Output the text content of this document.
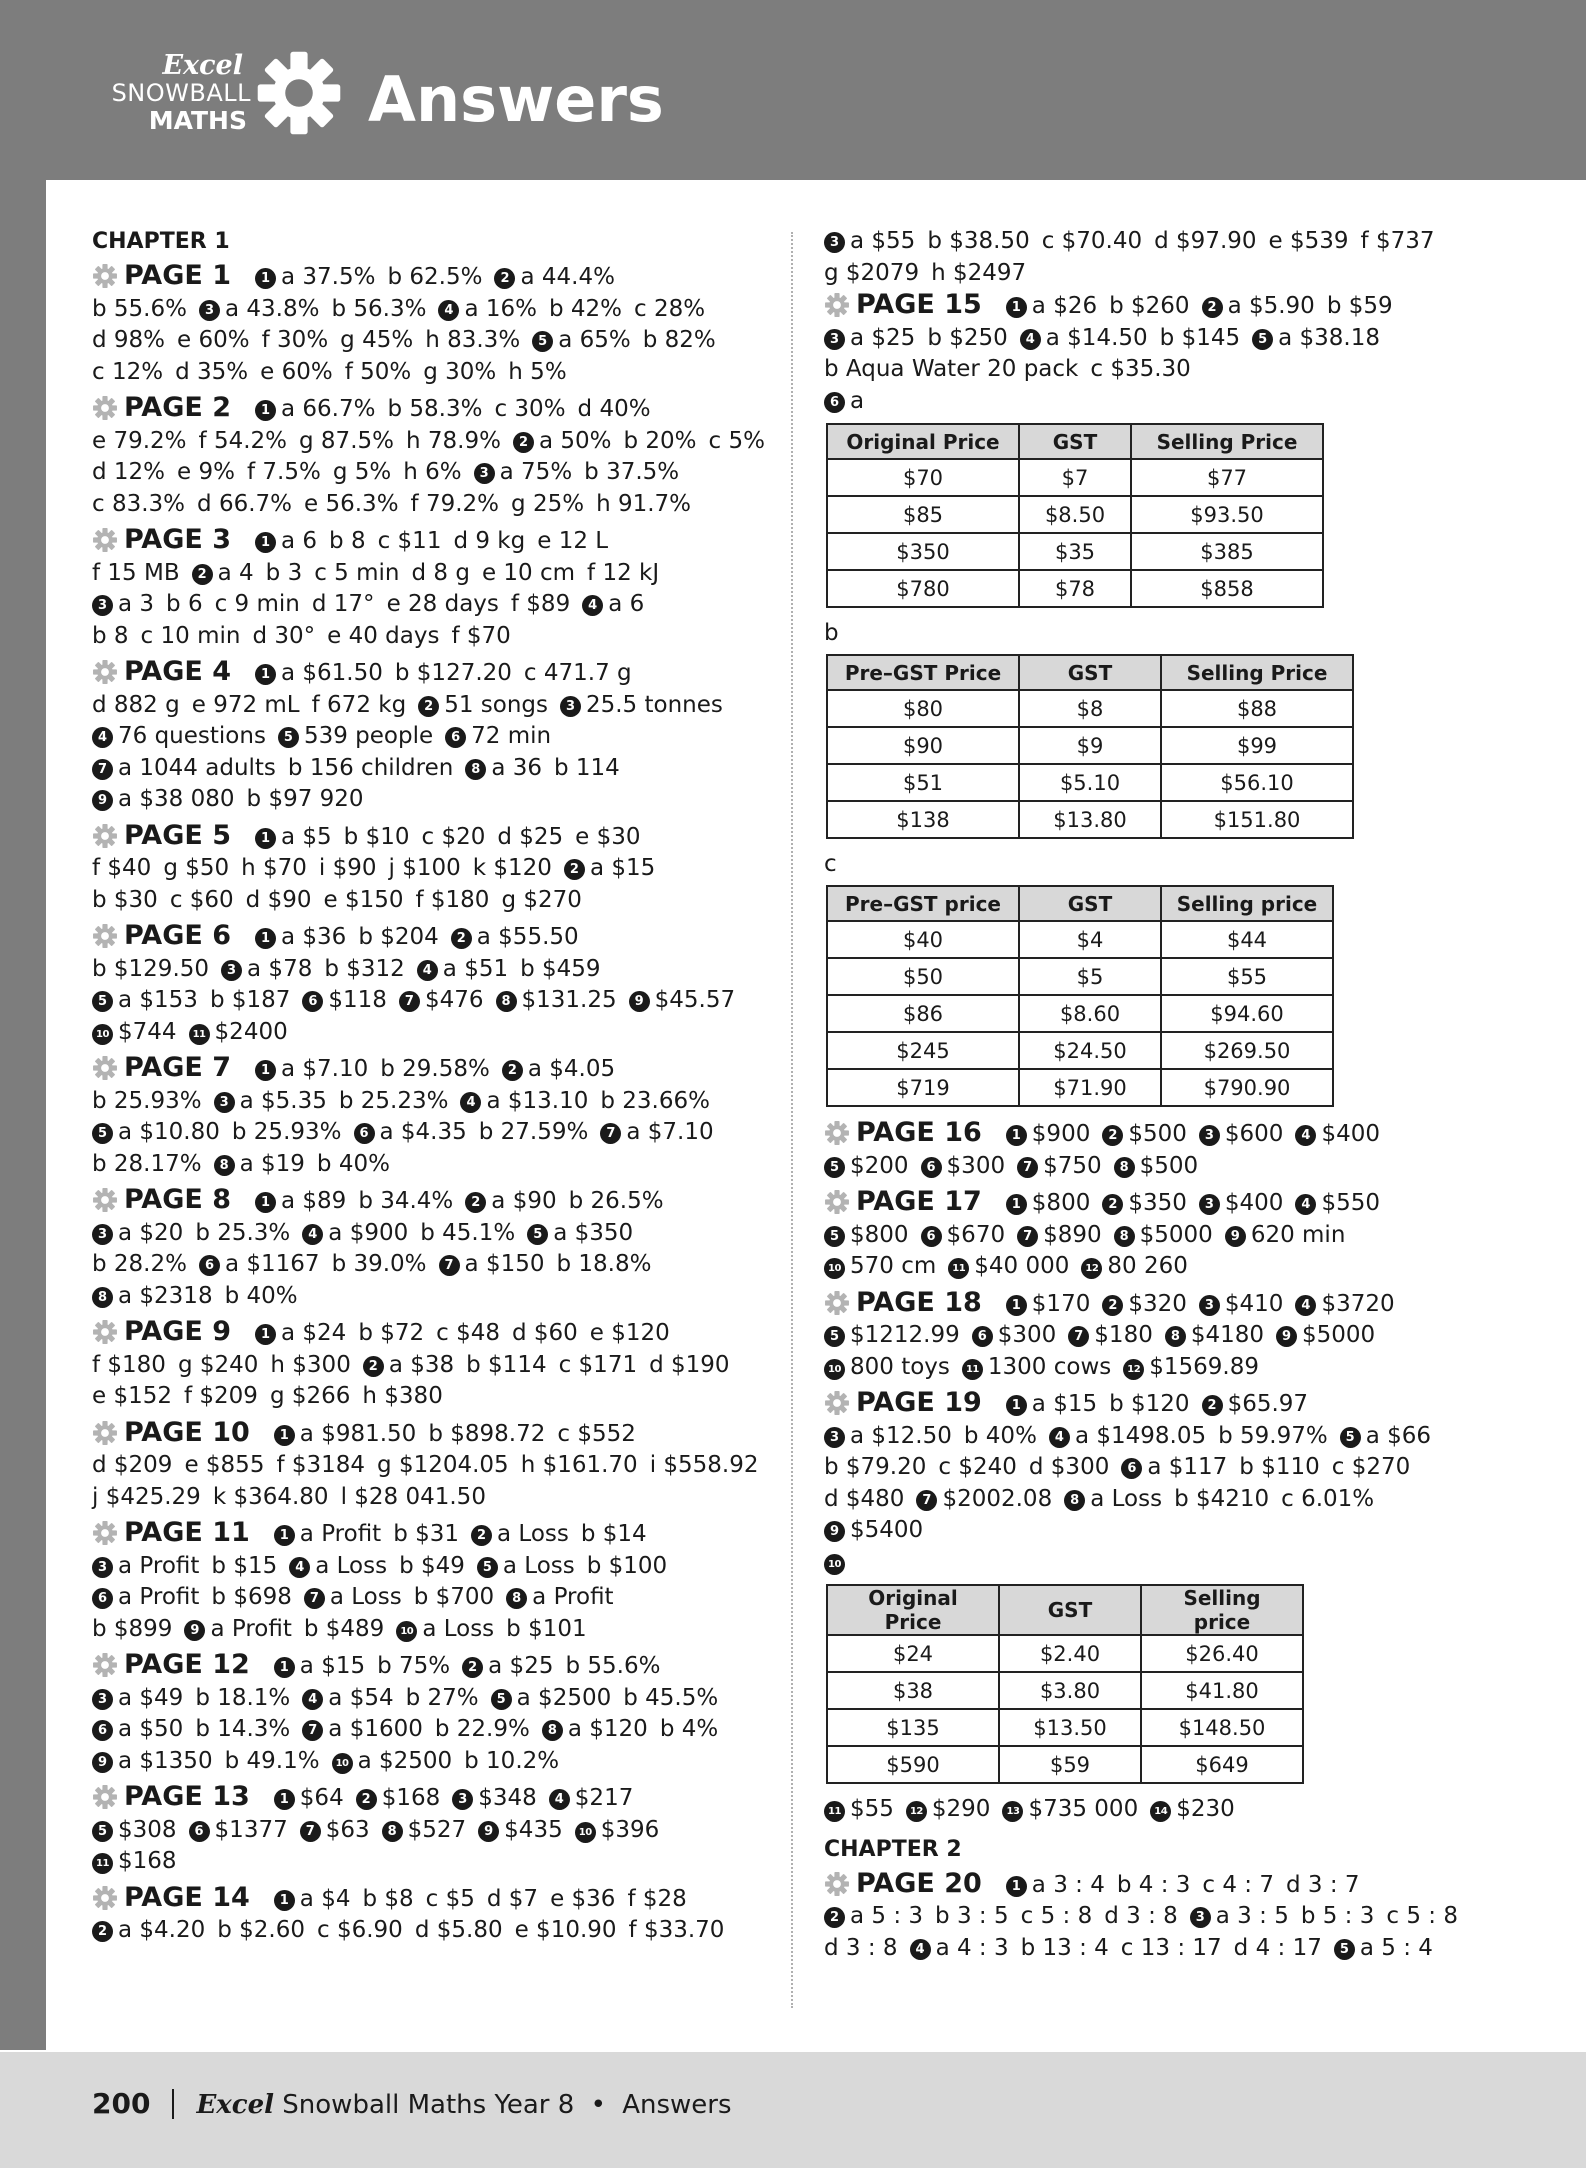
Excel
SNOWBALL
MATHS Answers
CHAPTER 1
PAGE 1 1 a 37.5% b 62.5% 2 a 44.4%
b 55.6% 3 a 43.8% b 56.3% 4 a 16% b 42% c 28%
d 98% e 60% f 30% g 45% h 83.3% 5 a 65% b 82%
c 12% d 35% e 60% f 50% g 30% h 5%
PAGE 2 1 a 66.7% b 58.3% c 30% d 40%
e 79.2% f 54.2% g 87.5% h 78.9% 2 a 50% b 20% c 5%
d 12% e 9% f 7.5% g 5% h 6% 3 a 75% b 37.5%
c 83.3% d 66.7% e 56.3% f 79.2% g 25% h 91.7%
PAGE 3 1 a 6 b 8 c $11 d 9 kg e 12 L
f 15 MB 2 a 4 b 3 c 5 min d 8 g e 10 cm f 12 kJ
3 a 3 b 6 c 9 min d 17° e 28 days f $89 4 a 6
b 8 c 10 min d 30° e 40 days f $70
PAGE 4 1 a $61.50 b $127.20 c 471.7 g
d 882 g e 972 mL f 672 kg 2 51 songs 3 25.5 tonnes
4 76 questions 5 539 people 6 72 min
7 a 1044 adults b 156 children 8 a 36 b 114
9 a $38 080 b $97 920
PAGE 5 1 a $5 b $10 c $20 d $25 e $30
f $40 g $50 h $70 i $90 j $100 k $120 2 a $15
b $30 c $60 d $90 e $150 f $180 g $270
PAGE 6 1 a $36 b $204 2 a $55.50
b $129.50 3 a $78 b $312 4 a $51 b $459
5 a $153 b $187 6 $118 7 $476 8 $131.25 9 $45.57
10 $744 11 $2400
PAGE 7 1 a $7.10 b 29.58% 2 a $4.05
b 25.93% 3 a $5.35 b 25.23% 4 a $13.10 b 23.66%
5 a $10.80 b 25.93% 6 a $4.35 b 27.59% 7 a $7.10
b 28.17% 8 a $19 b 40%
PAGE 8 1 a $89 b 34.4% 2 a $90 b 26.5%
3 a $20 b 25.3% 4 a $900 b 45.1% 5 a $350
b 28.2% 6 a $1167 b 39.0% 7 a $150 b 18.8%
8 a $2318 b 40%
PAGE 9 1 a $24 b $72 c $48 d $60 e $120
f $180 g $240 h $300 2 a $38 b $114 c $171 d $190
e $152 f $209 g $266 h $380
PAGE 10 1 a $981.50 b $898.72 c $552
d $209 e $855 f $3184 g $1204.05 h $161.70 i $558.92
j $425.29 k $364.80 l $28 041.50
PAGE 11 1 a Profit b $31 2 a Loss b $14
3 a Profit b $15 4 a Loss b $49 5 a Loss b $100
6 a Profit b $698 7 a Loss b $700 8 a Profit
b $899 9 a Profit b $489 10 a Loss b $101
PAGE 12 1 a $15 b 75% 2 a $25 b 55.6%
3 a $49 b 18.1% 4 a $54 b 27% 5 a $2500 b 45.5%
6 a $50 b 14.3% 7 a $1600 b 22.9% 8 a $120 b 4%
9 a $1350 b 49.1% 10 a $2500 b 10.2%
PAGE 13 1 $64 2 $168 3 $348 4 $217
5 $308 6 $1377 7 $63 8 $527 9 $435 10 $396
11 $168
PAGE 14 1 a $4 b $8 c $5 d $7 e $36 f $28
2 a $4.20 b $2.60 c $6.90 d $5.80 e $10.90 f $33.70
3 a $55 b $38.50 c $70.40 d $97.90 e $539 f $737
g $2079 h $2497
PAGE 15 1 a $26 b $260 2 a $5.90 b $59
3 a $25 b $250 4 a $14.50 b $145 5 a $38.18
b Aqua Water 20 pack c $35.30
6 a
Original Price	GST	Selling Price
$70	$7	$77
$85	$8.50	$93.50
$350	$35	$385
$780	$78	$858
b
Pre–GST Price	GST	Selling Price
$80	$8	$88
$90	$9	$99
$51	$5.10	$56.10
$138	$13.80	$151.80
c
Pre–GST price	GST	Selling price
$40	$4	$44
$50	$5	$55
$86	$8.60	$94.60
$245	$24.50	$269.50
$719	$71.90	$790.90
PAGE 16 1 $900 2 $500 3 $600 4 $400
5 $200 6 $300 7 $750 8 $500
PAGE 17 1 $800 2 $350 3 $400 4 $550
5 $800 6 $670 7 $890 8 $5000 9 620 min
10 570 cm 11 $40 000 12 80 260
PAGE 18 1 $170 2 $320 3 $410 4 $3720
5 $1212.99 6 $300 7 $180 8 $4180 9 $5000
10 800 toys 11 1300 cows 12 $1569.89
PAGE 19 1 a $15 b $120 2 $65.97
3 a $12.50 b 40% 4 a $1498.05 b 59.97% 5 a $66
b $79.20 c $240 d $300 6 a $117 b $110 c $270
d $480 7 $2002.08 8 a Loss b $4210 c 6.01%
9 $5400
10
Original Price	GST	Selling price
$24	$2.40	$26.40
$38	$3.80	$41.80
$135	$13.50	$148.50
$590	$59	$649
11 $55 12 $290 13 $735 000 14 $230
CHAPTER 2
PAGE 20 1 a 3 : 4 b 4 : 3 c 4 : 7 d 3 : 7
2 a 5 : 3 b 3 : 5 c 5 : 8 d 3 : 8 3 a 3 : 5 b 5 : 3 c 5 : 8
d 3 : 8 4 a 4 : 3 b 13 : 4 c 13 : 17 d 4 : 17 5 a 5 : 4
200 Excel Snowball Maths Year 8 • Answers
